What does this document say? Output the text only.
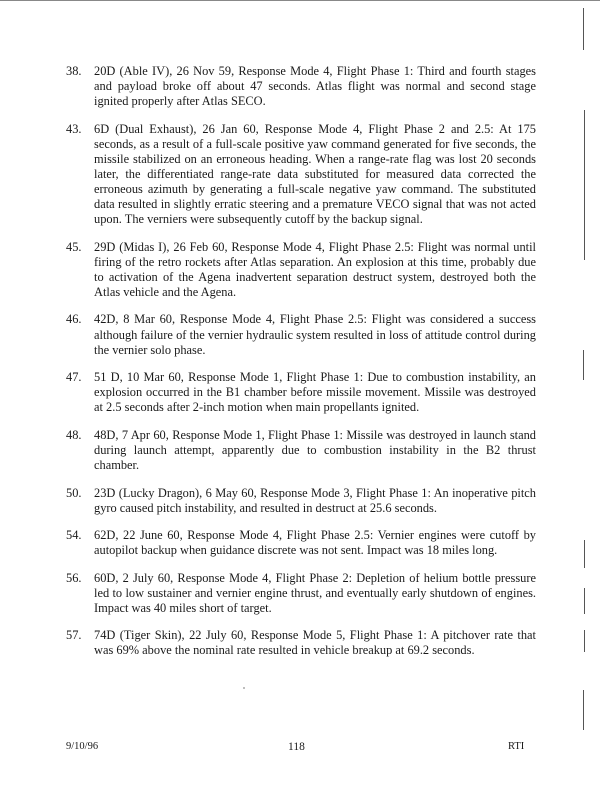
38.	20D (Able IV), 26 Nov 59, Response Mode 4, Flight Phase 1: Third and fourth stages and payload broke off about 47 seconds. Atlas flight was normal and second stage ignited properly after Atlas SECO.
43.	6D (Dual Exhaust), 26 Jan 60, Response Mode 4, Flight Phase 2 and 2.5: At 175 seconds, as a result of a full-scale positive yaw command generated for five seconds, the missile stabilized on an erroneous heading. When a range-rate flag was lost 20 seconds later, the differentiated range-rate data substituted for measured data corrected the erroneous azimuth by generating a full-scale negative yaw command. The substituted data resulted in slightly erratic steering and a premature VECO signal that was not acted upon. The verniers were subsequently cutoff by the backup signal.
45.	29D (Midas I), 26 Feb 60, Response Mode 4, Flight Phase 2.5: Flight was normal until firing of the retro rockets after Atlas separation. An explosion at this time, probably due to activation of the Agena inadvertent separation destruct system, destroyed both the Atlas vehicle and the Agena.
46.	42D, 8 Mar 60, Response Mode 4, Flight Phase 2.5: Flight was considered a success although failure of the vernier hydraulic system resulted in loss of attitude control during the vernier solo phase.
47.	51 D, 10 Mar 60, Response Mode 1, Flight Phase 1: Due to combustion instability, an explosion occurred in the B1 chamber before missile movement. Missile was destroyed at 2.5 seconds after 2-inch motion when main propellants ignited.
48.	48D, 7 Apr 60, Response Mode 1, Flight Phase 1: Missile was destroyed in launch stand during launch attempt, apparently due to combustion instability in the B2 thrust chamber.
50.	23D (Lucky Dragon), 6 May 60, Response Mode 3, Flight Phase 1: An inoperative pitch gyro caused pitch instability, and resulted in destruct at 25.6 seconds.
54.	62D, 22 June 60, Response Mode 4, Flight Phase 2.5: Vernier engines were cutoff by autopilot backup when guidance discrete was not sent. Impact was 18 miles long.
56.	60D, 2 July 60, Response Mode 4, Flight Phase 2: Depletion of helium bottle pressure led to low sustainer and vernier engine thrust, and eventually early shutdown of engines. Impact was 40 miles short of target.
57.	74D (Tiger Skin), 22 July 60, Response Mode 5, Flight Phase 1: A pitchover rate that was 69% above the nominal rate resulted in vehicle breakup at 69.2 seconds.
9/10/96	118	RTI
